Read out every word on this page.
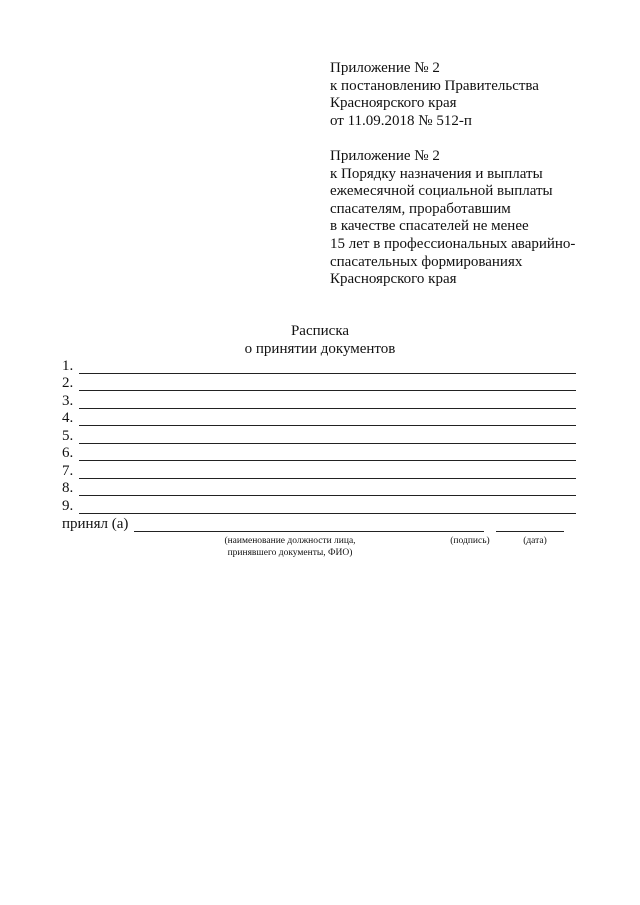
Приложение № 2
к постановлению Правительства
Красноярского края
от 11.09.2018 № 512-п
Приложение № 2
к Порядку назначения и выплаты
ежемесячной социальной выплаты
спасателям, проработавшим
в качестве спасателей не менее
15 лет в профессиональных аварийно-
спасательных формированиях
Красноярского края
Расписка
о принятии документов
1.
2.
3.
4.
5.
6.
7.
8.
9.
принял (а)
(наименование должности лица,
принявшего документы, ФИО)
(подпись)	(дата)
